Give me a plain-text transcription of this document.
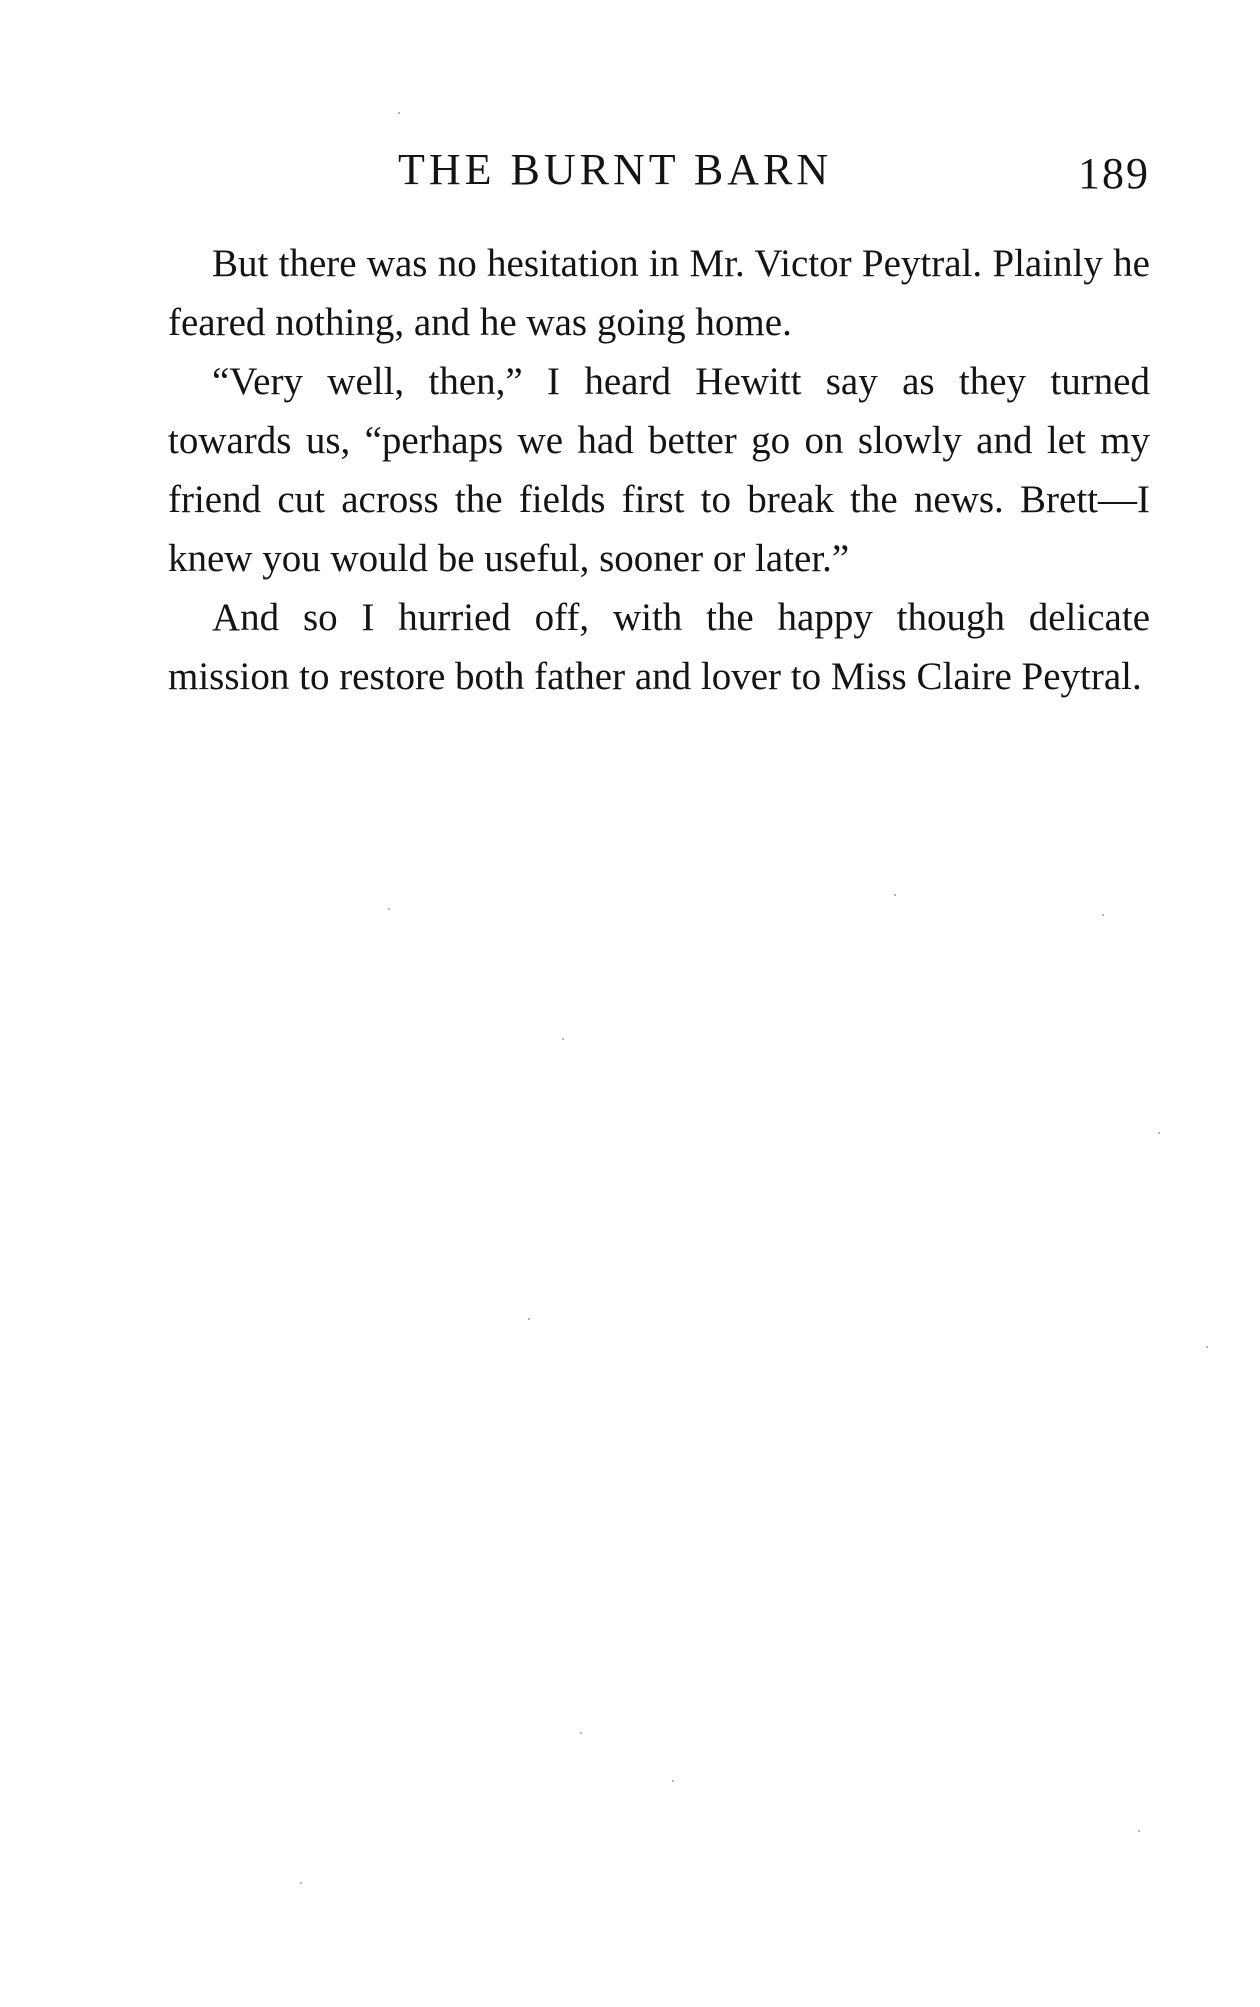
THE BURNT BARN	189

But there was no hesitation in Mr. Victor Peytral. Plainly he feared nothing, and he was going home.

“Very well, then,” I heard Hewitt say as they turned towards us, “perhaps we had better go on slowly and let my friend cut across the fields first to break the news. Brett—I knew you would be useful, sooner or later.”

And so I hurried off, with the happy though delicate mission to restore both father and lover to Miss Claire Peytral.
